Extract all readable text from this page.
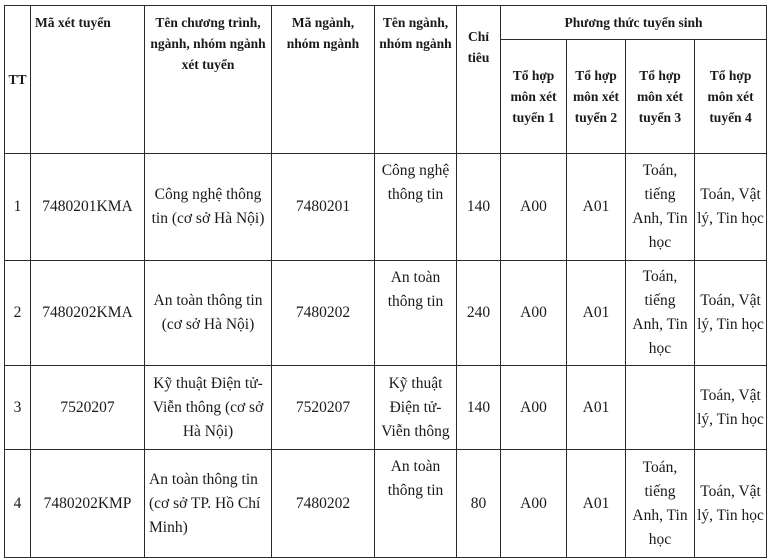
TT	Mã xét tuyển	Tên chương trình, ngành, nhóm ngành xét tuyển	Mã ngành, nhóm ngành	Tên ngành, nhóm ngành	Chỉ tiêu	Phương thức tuyển sinh			
						Tổ hợp môn xét tuyển 1	Tổ hợp môn xét tuyển 2	Tổ hợp môn xét tuyển 3	Tổ hợp môn xét tuyển 4
1	7480201KMA	Công nghệ thông tin (cơ sở Hà Nội)	7480201	Công nghệ thông tin	140	A00	A01	Toán, tiếng Anh, Tin học	Toán, Vật lý, Tin học
2	7480202KMA	An toàn thông tin (cơ sở Hà Nội)	7480202	An toàn thông tin	240	A00	A01	Toán, tiếng Anh, Tin học	Toán, Vật lý, Tin học
3	7520207	Kỹ thuật Điện tử-Viễn thông (cơ sở Hà Nội)	7520207	Kỹ thuật Điện tử-Viễn thông	140	A00	A01		Toán, Vật lý, Tin học
4	7480202KMP	An toàn thông tin (cơ sở TP. Hồ Chí Minh)	7480202	An toàn thông tin	80	A00	A01	Toán, tiếng Anh, Tin học	Toán, Vật lý, Tin học
